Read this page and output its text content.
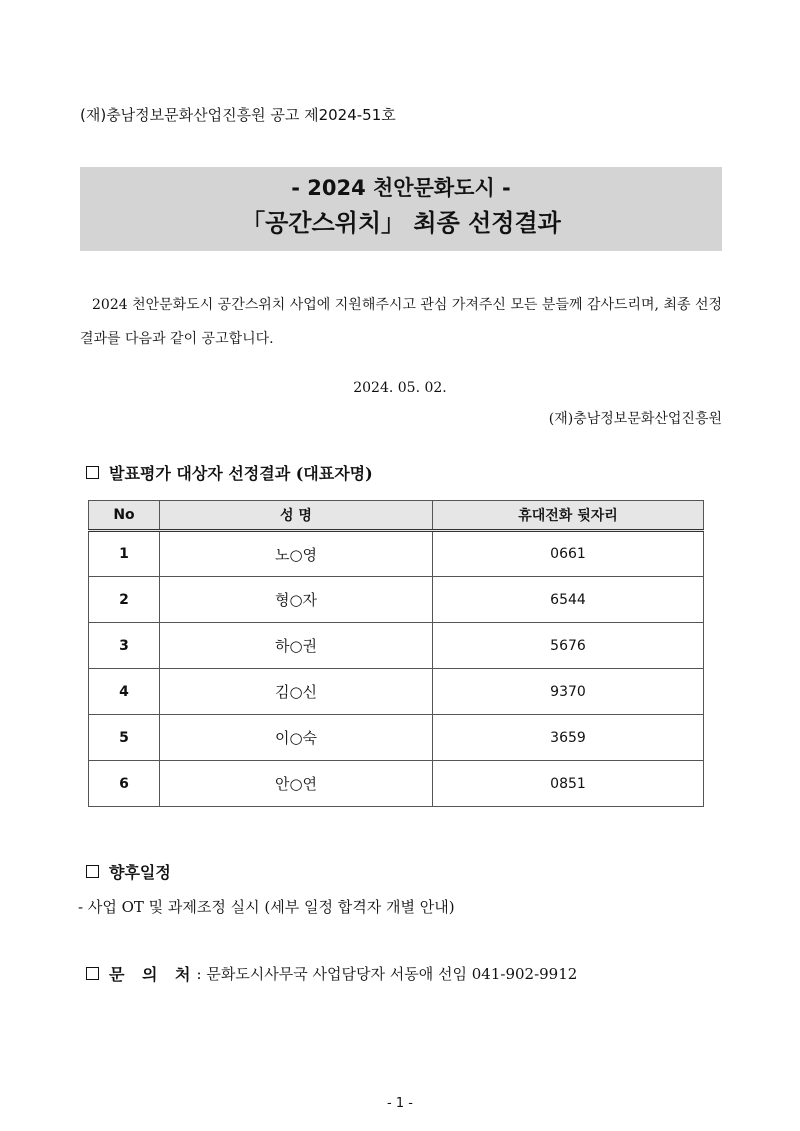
(재)충남정보문화산업진흥원 공고 제2024-51호
- 2024 천안문화도시 -
「공간스위치」 최종 선정결과
2024 천안문화도시 공간스위치 사업에 지원해주시고 관심 가져주신 모든 분들께 감사드리며, 최종 선정결과를 다음과 같이 공고합니다.
2024. 05. 02.
(재)충남정보문화산업진흥원
발표평가 대상자 선정결과 (대표자명)
No	성 명	휴대전화 뒷자리
1	노○영	0661
2	형○자	6544
3	하○권	5676
4	김○신	9370
5	이○숙	3659
6	안○연	0851
향후일정
- 사업 OT 및 과제조정 실시 (세부 일정 합격자 개별 안내)
문 의 처 : 문화도시사무국 사업담당자 서동애 선임 041-902-9912
- 1 -
